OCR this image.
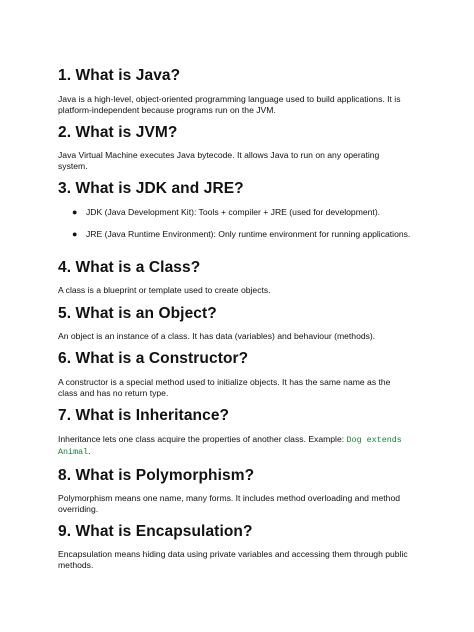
1. What is Java?

Java is a high-level, object-oriented programming language used to build applications. It is platform-independent because programs run on the JVM.

2. What is JVM?

Java Virtual Machine executes Java bytecode. It allows Java to run on any operating system.

3. What is JDK and JRE?
● JDK (Java Development Kit): Tools + compiler + JRE (used for development).
● JRE (Java Runtime Environment): Only runtime environment for running applications.
4. What is a Class?

A class is a blueprint or template used to create objects.

5. What is an Object?

An object is an instance of a class. It has data (variables) and behaviour (methods).

6. What is a Constructor?

A constructor is a special method used to initialize objects. It has the same name as the class and has no return type.

7. What is Inheritance?

Inheritance lets one class acquire the properties of another class. Example: Dog extends Animal.

8. What is Polymorphism?

Polymorphism means one name, many forms. It includes method overloading and method overriding.

9. What is Encapsulation?

Encapsulation means hiding data using private variables and accessing them through public methods.
